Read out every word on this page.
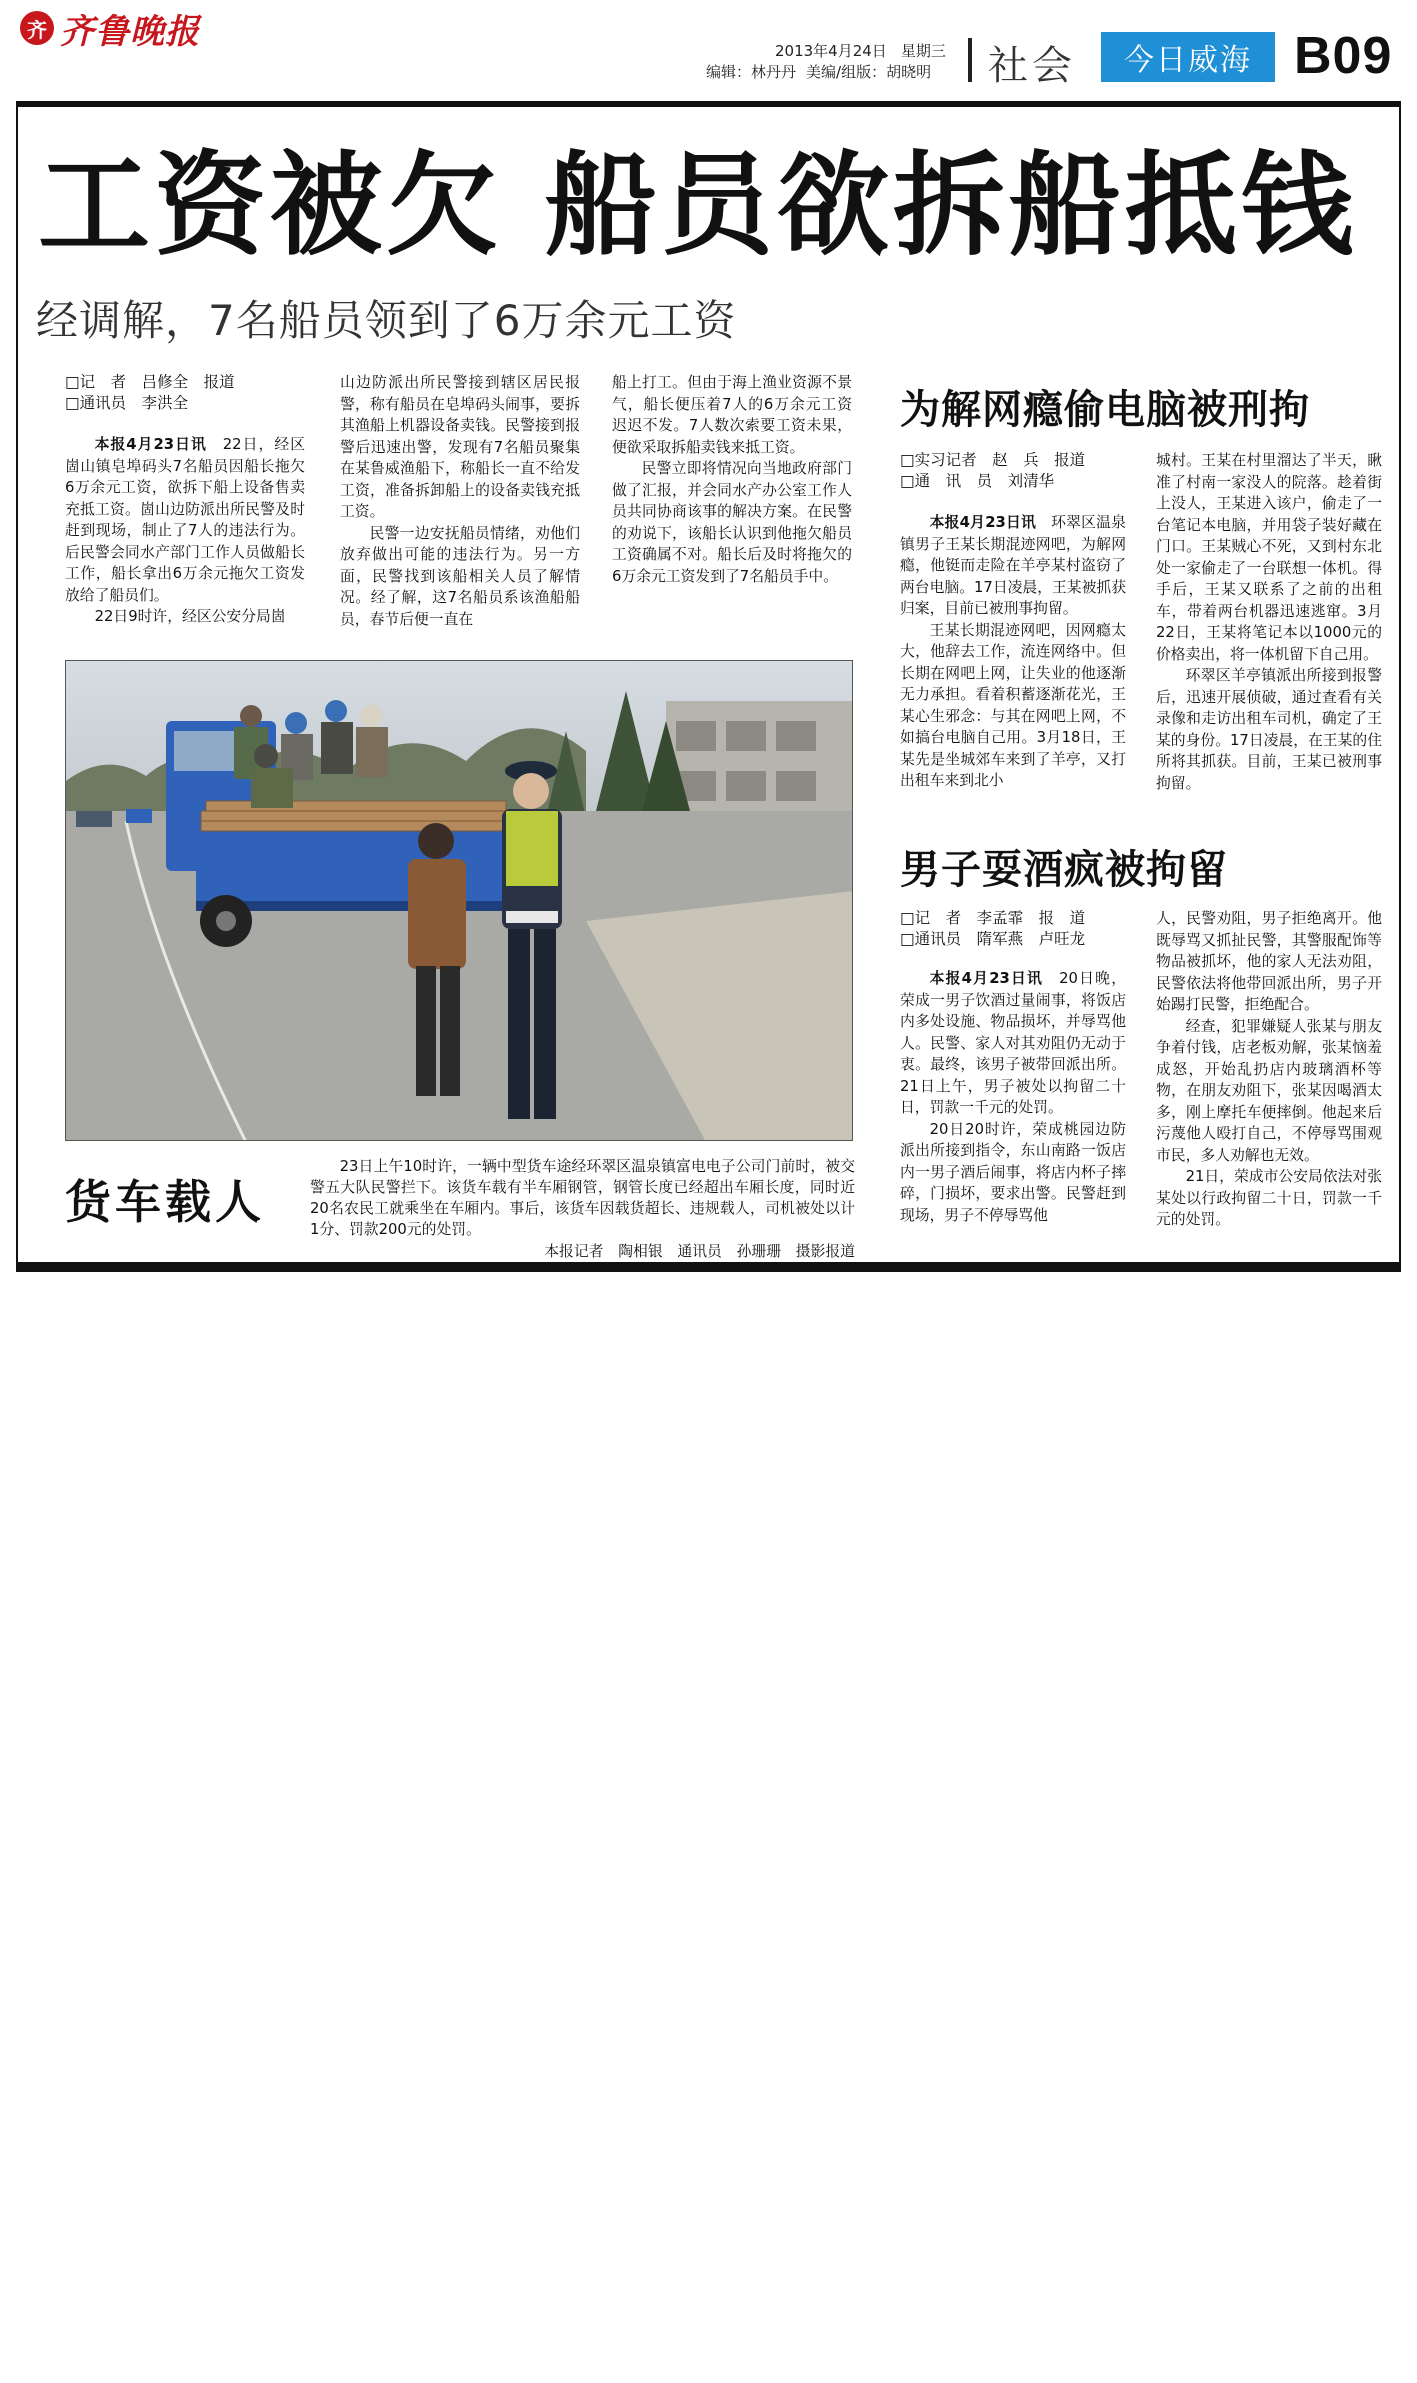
齐 齐鲁晚报	2013年4月24日 星期三
编辑：林丹丹 美编/组版：胡晓明 社会	今日威海 B09
工资被欠 船员欲拆船抵钱
经调解，7名船员领到了6万余元工资
□记　者　吕修全　报道
□通讯员　李洪全

本报4月23日讯　22日，经区崮山镇皂埠码头7名船员因船长拖欠6万余元工资，欲拆下船上设备售卖充抵工资。崮山边防派出所民警及时赶到现场，制止了7人的违法行为。后民警会同水产部门工作人员做船长工作，船长拿出6万余元拖欠工资发放给了船员们。

22日9时许，经区公安分局崮

山边防派出所民警接到辖区居民报警，称有船员在皂埠码头闹事，要拆其渔船上机器设备卖钱。民警接到报警后迅速出警，发现有7名船员聚集在某鲁威渔船下，称船长一直不给发工资，准备拆卸船上的设备卖钱充抵工资。

民警一边安抚船员情绪，劝他们放弃做出可能的违法行为。另一方面，民警找到该船相关人员了解情况。经了解，这7名船员系该渔船船员，春节后便一直在

船上打工。但由于海上渔业资源不景气，船长便压着7人的6万余元工资迟迟不发。7人数次索要工资未果，便欲采取拆船卖钱来抵工资。

民警立即将情况向当地政府部门做了汇报，并会同水产办公室工作人员共同协商该事的解决方案。在民警的劝说下，该船长认识到他拖欠船员工资确属不对。船长后及时将拖欠的6万余元工资发到了7名船员手中。

货车载人

23日上午10时许，一辆中型货车途经环翠区温泉镇富电电子公司门前时，被交警五大队民警拦下。该货车载有半车厢钢管，钢管长度已经超出车厢长度，同时近20名农民工就乘坐在车厢内。事后，该货车因载货超长、违规载人，司机被处以计1分、罚款200元的处罚。

本报记者　陶相银　通讯员　孙珊珊　摄影报道
为解网瘾偷电脑被刑拘
□实习记者　赵　兵　报道
□通　讯　员　刘清华

本报4月23日讯　环翠区温泉镇男子王某长期混迹网吧，为解网瘾，他铤而走险在羊亭某村盗窃了两台电脑。17日凌晨，王某被抓获归案，目前已被刑事拘留。

王某长期混迹网吧，因网瘾太大，他辞去工作，流连网络中。但长期在网吧上网，让失业的他逐渐无力承担。看着积蓄逐渐花光，王某心生邪念：与其在网吧上网，不如搞台电脑自己用。3月18日，王某先是坐城郊车来到了羊亭，又打出租车来到北小

城村。王某在村里溜达了半天，瞅准了村南一家没人的院落。趁着街上没人，王某进入该户，偷走了一台笔记本电脑，并用袋子装好藏在门口。王某贼心不死，又到村东北处一家偷走了一台联想一体机。得手后，王某又联系了之前的出租车，带着两台机器迅速逃窜。3月22日，王某将笔记本以1000元的价格卖出，将一体机留下自己用。

环翠区羊亭镇派出所接到报警后，迅速开展侦破，通过查看有关录像和走访出租车司机，确定了王某的身份。17日凌晨，在王某的住所将其抓获。目前，王某已被刑事拘留。

男子耍酒疯被拘留
□记　者　李孟霏　报　道
□通讯员　隋军燕　卢旺龙

本报4月23日讯　20日晚，荣成一男子饮酒过量闹事，将饭店内多处设施、物品损坏，并辱骂他人。民警、家人对其劝阻仍无动于衷。最终，该男子被带回派出所。21日上午，男子被处以拘留二十日，罚款一千元的处罚。

20日20时许，荣成桃园边防派出所接到指令，东山南路一饭店内一男子酒后闹事，将店内杯子摔碎，门损坏，要求出警。民警赶到现场，男子不停辱骂他

人，民警劝阻，男子拒绝离开。他既辱骂又抓扯民警，其警服配饰等物品被抓坏，他的家人无法劝阻，民警依法将他带回派出所，男子开始踢打民警，拒绝配合。

经查，犯罪嫌疑人张某与朋友争着付钱，店老板劝解，张某恼羞成怒，开始乱扔店内玻璃酒杯等物，在朋友劝阻下，张某因喝酒太多，刚上摩托车便摔倒。他起来后污蔑他人殴打自己，不停辱骂围观市民，多人劝解也无效。

21日，荣成市公安局依法对张某处以行政拘留二十日，罚款一千元的处罚。
